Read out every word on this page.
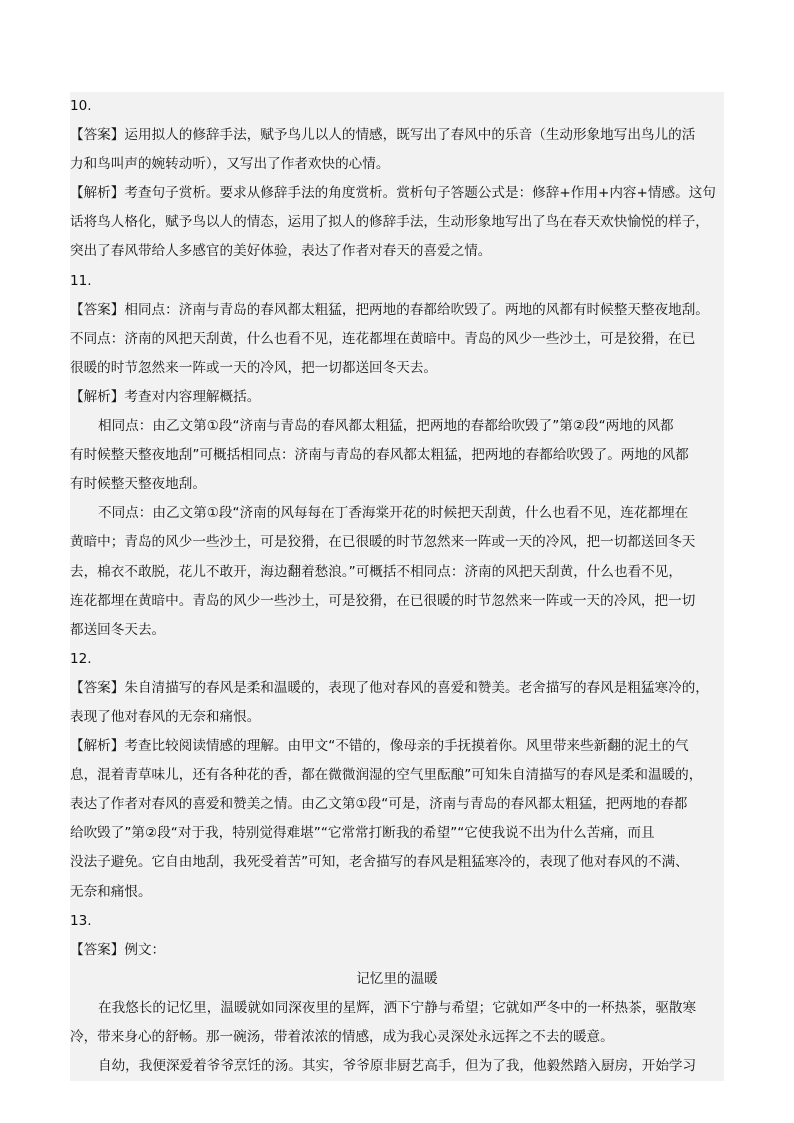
10.
【答案】运用拟人的修辞手法，赋予鸟儿以人的情感，既写出了春风中的乐音（生动形象地写出鸟儿的活
力和鸟叫声的婉转动听），又写出了作者欢快的心情。
【解析】考查句子赏析。要求从修辞手法的角度赏析。赏析句子答题公式是：修辞+作用+内容+情感。这句
话将鸟人格化，赋予鸟以人的情态，运用了拟人的修辞手法，生动形象地写出了鸟在春天欢快愉悦的样子，
突出了春风带给人多感官的美好体验，表达了作者对春天的喜爱之情。
11.
【答案】相同点：济南与青岛的春风都太粗猛，把两地的春都给吹毁了。两地的风都有时候整天整夜地刮。
不同点：济南的风把天刮黄，什么也看不见，连花都埋在黄暗中。青岛的风少一些沙土，可是狡猾，在已
很暖的时节忽然来一阵或一天的冷风，把一切都送回冬天去。
【解析】考查对内容理解概括。
相同点：由乙文第①段“济南与青岛的春风都太粗猛，把两地的春都给吹毁了”第②段“两地的风都
有时候整天整夜地刮”可概括相同点：济南与青岛的春风都太粗猛，把两地的春都给吹毁了。两地的风都
有时候整天整夜地刮。
不同点：由乙文第①段“济南的风每每在丁香海棠开花的时候把天刮黄，什么也看不见，连花都埋在
黄暗中；青岛的风少一些沙土，可是狡猾，在已很暖的时节忽然来一阵或一天的冷风，把一切都送回冬天
去，棉衣不敢脱，花儿不敢开，海边翻着愁浪。”可概括不相同点：济南的风把天刮黄，什么也看不见，
连花都埋在黄暗中。青岛的风少一些沙土，可是狡猾，在已很暖的时节忽然来一阵或一天的冷风，把一切
都送回冬天去。
12.
【答案】朱自清描写的春风是柔和温暖的，表现了他对春风的喜爱和赞美。老舍描写的春风是粗猛寒冷的，
表现了他对春风的无奈和痛恨。
【解析】考查比较阅读情感的理解。由甲文“不错的，像母亲的手抚摸着你。风里带来些新翻的泥土的气
息，混着青草味儿，还有各种花的香，都在微微润湿的空气里酝酿”可知朱自清描写的春风是柔和温暖的，
表达了作者对春风的喜爱和赞美之情。由乙文第①段“可是，济南与青岛的春风都太粗猛，把两地的春都
给吹毁了”第②段“对于我，特别觉得难堪”“它常常打断我的希望”“它使我说不出为什么苦痛，而且
没法子避免。它自由地刮，我死受着苦”可知，老舍描写的春风是粗猛寒冷的，表现了他对春风的不满、
无奈和痛恨。
13.
【答案】例文：
记忆里的温暖
在我悠长的记忆里，温暖就如同深夜里的星辉，洒下宁静与希望；它就如严冬中的一杯热茶，驱散寒
冷，带来身心的舒畅。那一碗汤，带着浓浓的情感，成为我心灵深处永远挥之不去的暖意。
自幼，我便深爱着爷爷烹饪的汤。其实，爷爷原非厨艺高手，但为了我，他毅然踏入厨房，开始学习
